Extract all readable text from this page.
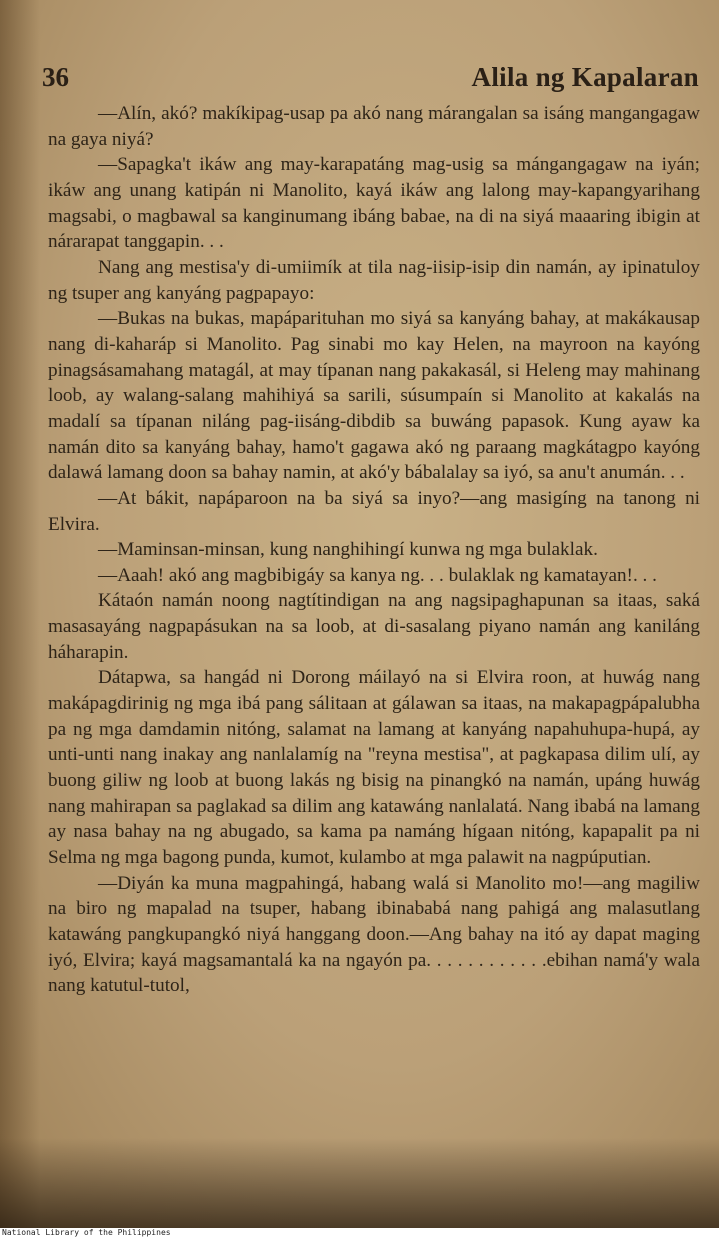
36	Alila ng Kapalaran

—Alín, akó? makíkipag-usap pa akó nang márangalan sa isáng mangangagaw na gaya niyá?

—Sapagka't ikáw ang may-karapatáng mag-usig sa mángangagaw na iyán; ikáw ang unang katipán ni Manolito, kayá ikáw ang lalong may-kapangyarihang magsabi, o magbawal sa kanginumang ibáng babae, na di na siyá maaaring ibigin at nárarapat tanggapin. . .

Nang ang mestisa'y di-umiimík at tila nag-iisip-isip din namán, ay ipinatuloy ng tsuper ang kanyáng pagpapayo:

—Bukas na bukas, mapáparituhan mo siyá sa kanyáng bahay, at makákausap nang di-kaharáp si Manolito. Pag sinabi mo kay Helen, na mayroon na kayóng pinagsásamahang matagál, at may típanan nang pakakasál, si Heleng may mahinang loob, ay walang-salang mahihiyá sa sarili, súsumpaín si Manolito at kakalás na madalí sa típanan niláng pag-iisáng-dibdib sa buwáng papasok. Kung ayaw ka namán dito sa kanyáng bahay, hamo't gagawa akó ng paraang magkátagpo kayóng dalawá lamang doon sa bahay namin, at akó'y bábalalay sa iyó, sa anu't anumán. . .

—At bákit, napáparoon na ba siyá sa inyo?—ang masigíng na tanong ni Elvira.

—Maminsan-minsan, kung nanghihingí kunwa ng mga bulaklak.

—Aaah! akó ang magbibigáy sa kanya ng. . . bulaklak ng kamatayan!. . .

Kátaón namán noong nagtítindigan na ang nagsipaghapunan sa itaas, saká masasayáng nagpapásukan na sa loob, at di-sasalang piyano namán ang kaniláng háharapin.

Dátapwa, sa hangád ni Dorong máilayó na si Elvira roon, at huwág nang makápagdirinig ng mga ibá pang sálitaan at gálawan sa itaas, na makapagpápalubha pa ng mga damdamin nitóng, salamat na lamang at kanyáng napahuhupa-hupá, ay unti-unti nang inakay ang nanlalamíg na "reyna mestisa", at pagkapasa dilim ulí, ay buong giliw ng loob at buong lakás ng bisig na pinangkó na namán, upáng huwág nang mahirapan sa paglakad sa dilim ang katawáng nanlalatá. Nang ibabá na lamang ay nasa bahay na ng abugado, sa kama pa namáng hígaan nitóng, kapapalit pa ni Selma ng mga bagong punda, kumot, kulambo at mga palawit na nagpúputian.

—Diyán ka muna magpahingá, habang walá si Manolito mo!—ang magiliw na biro ng mapalad na tsuper, habang ibinababá nang pahigá ang malasutlang katawáng pangkupangkó niyá hanggang doon.—Ang bahay na itó ay dapat maging iyó, Elvira; kayá magsamantalá ka na ngayón pa. . . . . . . . . . . .ebihan namá'y wala nang katutul-tutol,

National Library of the Philippines
